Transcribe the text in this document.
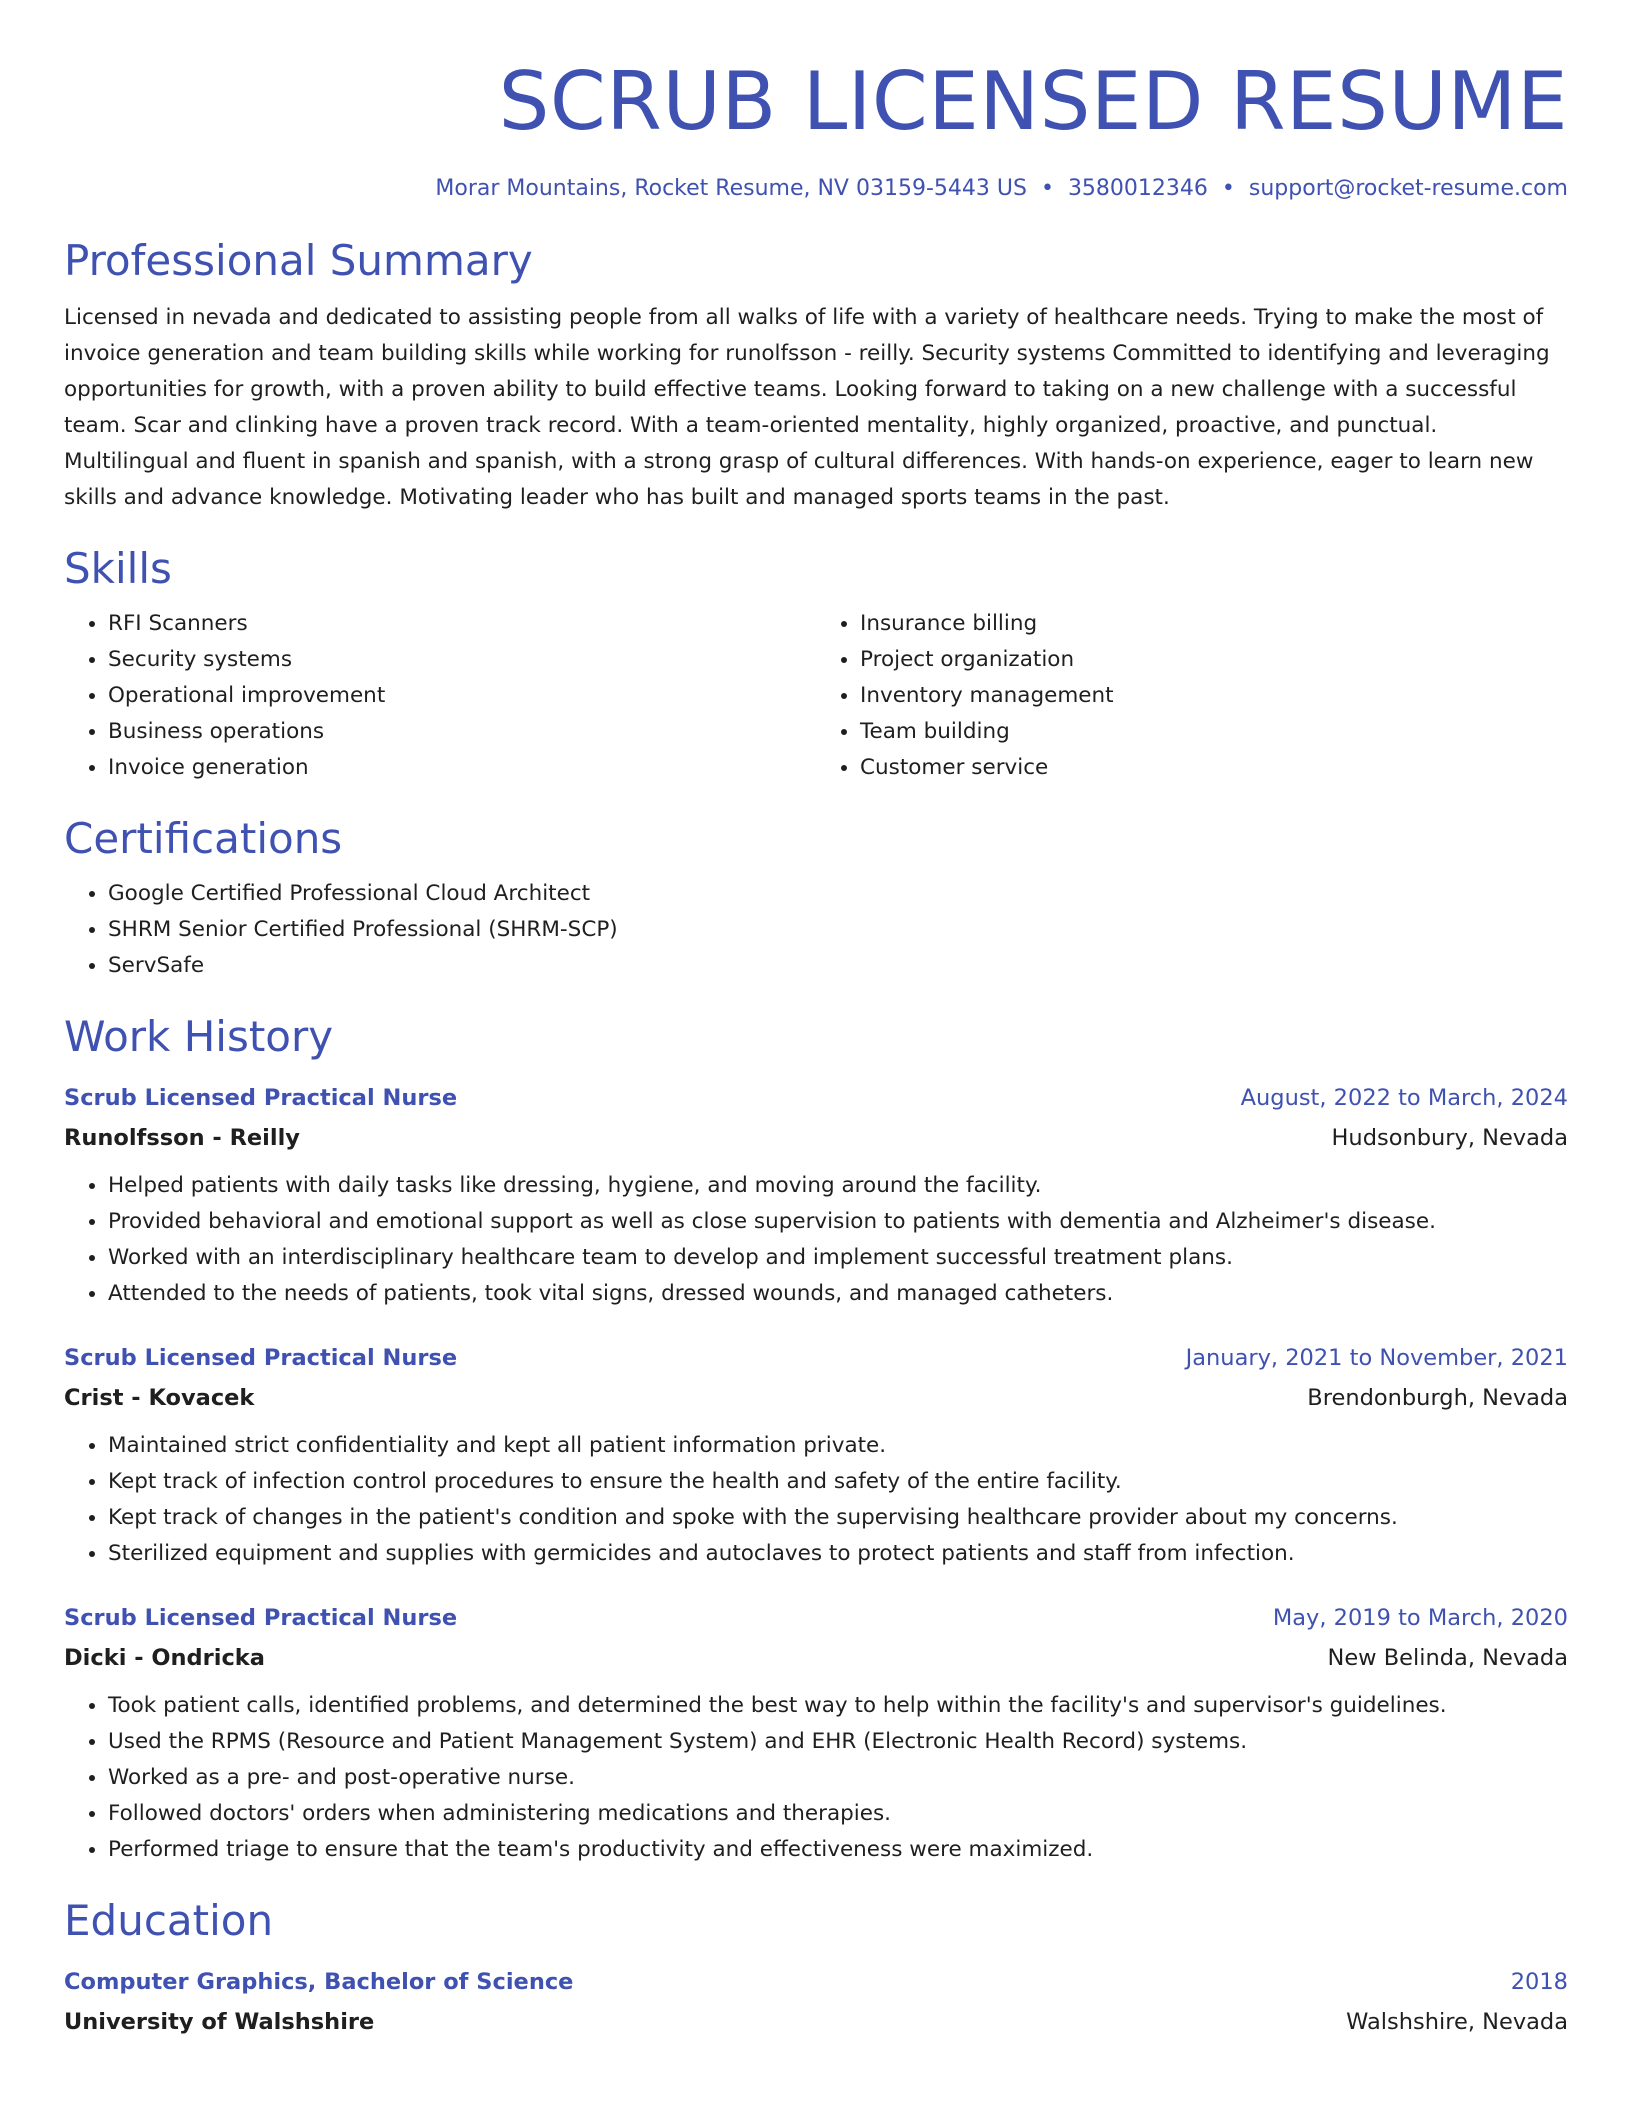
SCRUB LICENSED RESUME
Morar Mountains, Rocket Resume, NV 03159-5443 US • 3580012346 • support@rocket-resume.com
Professional Summary

Licensed in nevada and dedicated to assisting people from all walks of life with a variety of healthcare needs. Trying to make the most of invoice generation and team building skills while working for runolfsson - reilly. Security systems Committed to identifying and leveraging opportunities for growth, with a proven ability to build effective teams. Looking forward to taking on a new challenge with a successful team. Scar and clinking have a proven track record. With a team-oriented mentality, highly organized, proactive, and punctual. Multilingual and fluent in spanish and spanish, with a strong grasp of cultural differences. With hands-on experience, eager to learn new skills and advance knowledge. Motivating leader who has built and managed sports teams in the past.

Skills
• RFI Scanners
• Security systems
• Operational improvement
• Business operations
• Invoice generation
• Insurance billing
• Project organization
• Inventory management
• Team building
• Customer service
Certifications
• Google Certified Professional Cloud Architect
• SHRM Senior Certified Professional (SHRM-SCP)
• ServSafe
Work History
Scrub Licensed Practical Nurse	August, 2022 to March, 2024
Runolfsson - Reilly	Hudsonbury, Nevada
• Helped patients with daily tasks like dressing, hygiene, and moving around the facility.
• Provided behavioral and emotional support as well as close supervision to patients with dementia and Alzheimer's disease.
• Worked with an interdisciplinary healthcare team to develop and implement successful treatment plans.
• Attended to the needs of patients, took vital signs, dressed wounds, and managed catheters.
Scrub Licensed Practical Nurse	January, 2021 to November, 2021
Crist - Kovacek	Brendonburgh, Nevada
• Maintained strict confidentiality and kept all patient information private.
• Kept track of infection control procedures to ensure the health and safety of the entire facility.
• Kept track of changes in the patient's condition and spoke with the supervising healthcare provider about my concerns.
• Sterilized equipment and supplies with germicides and autoclaves to protect patients and staff from infection.
Scrub Licensed Practical Nurse	May, 2019 to March, 2020
Dicki - Ondricka	New Belinda, Nevada
• Took patient calls, identified problems, and determined the best way to help within the facility's and supervisor's guidelines.
• Used the RPMS (Resource and Patient Management System) and EHR (Electronic Health Record) systems.
• Worked as a pre- and post-operative nurse.
• Followed doctors' orders when administering medications and therapies.
• Performed triage to ensure that the team's productivity and effectiveness were maximized.
Education
Computer Graphics, Bachelor of Science	2018
University of Walshshire	Walshshire, Nevada
